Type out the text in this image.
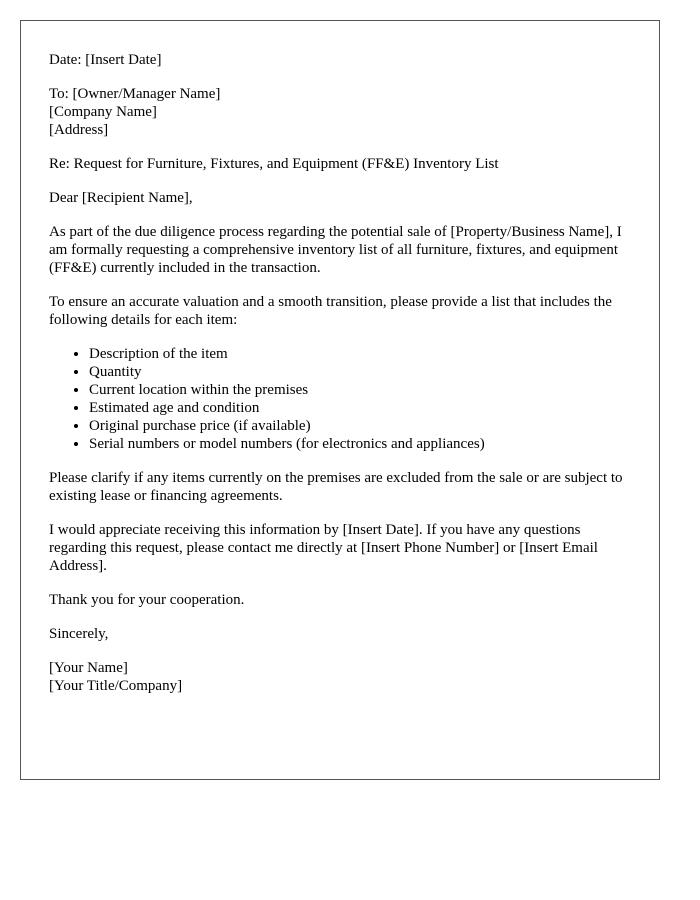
Date: [Insert Date]

To: [Owner/Manager Name]
[Company Name]
[Address]

Re: Request for Furniture, Fixtures, and Equipment (FF&E) Inventory List

Dear [Recipient Name],

As part of the due diligence process regarding the potential sale of [Property/Business Name], I am formally requesting a comprehensive inventory list of all furniture, fixtures, and equipment (FF&E) currently included in the transaction.

To ensure an accurate valuation and a smooth transition, please provide a list that includes the following details for each item:

• Description of the item
• Quantity
• Current location within the premises
• Estimated age and condition
• Original purchase price (if available)
• Serial numbers or model numbers (for electronics and appliances)

Please clarify if any items currently on the premises are excluded from the sale or are subject to existing lease or financing agreements.

I would appreciate receiving this information by [Insert Date]. If you have any questions regarding this request, please contact me directly at [Insert Phone Number] or [Insert Email Address].

Thank you for your cooperation.

Sincerely,

[Your Name]
[Your Title/Company]
